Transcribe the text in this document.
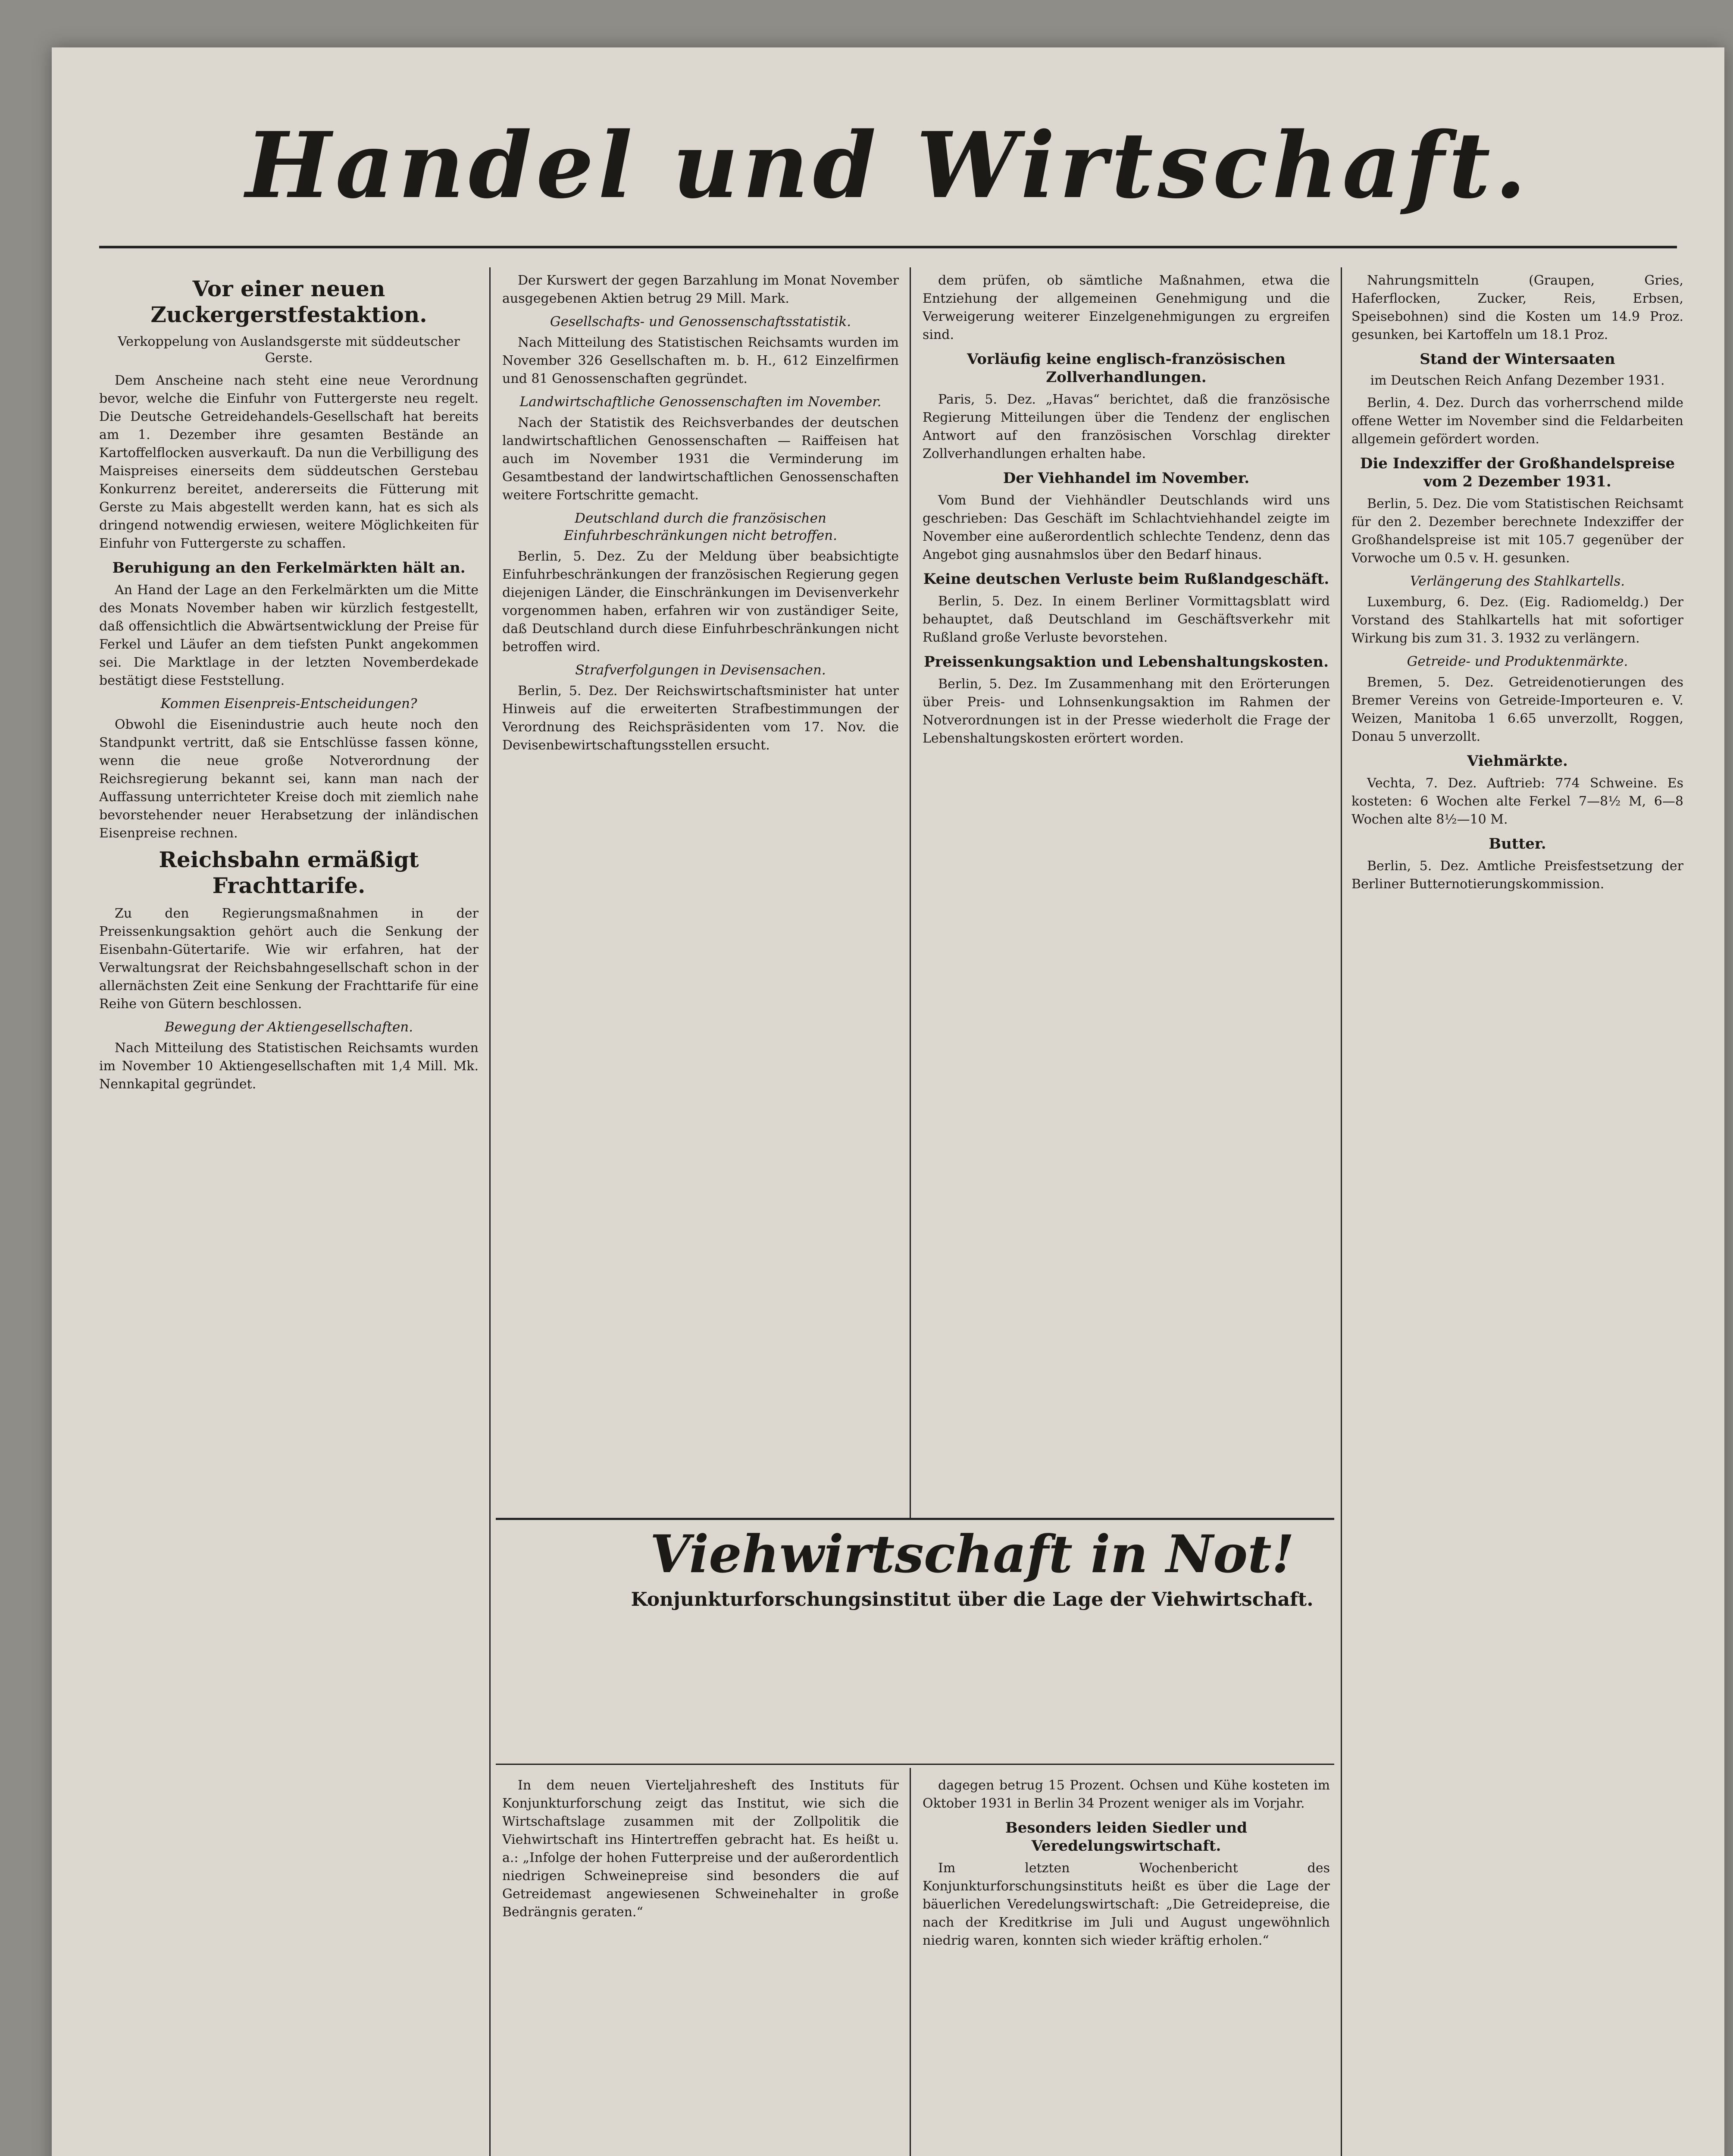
Handel und Wirtschaft.
Vor einer neuen Zuckergerstfestaktion.
Verkoppelung von Auslandsgerste mit süddeutscher Gerste.

Dem Anscheine nach steht eine neue Verordnung bevor, welche die Einfuhr von Futtergerste neu regelt. Die Deutsche Getreidehandels-Gesellschaft hat bereits am 1. Dezember ihre gesamten Bestände an Kartoffelflocken ausverkauft. Da nun die Verbilligung des Maispreises einerseits dem süddeutschen Gerstebau Konkurrenz bereitet, andererseits die Fütterung mit Gerste zu Mais abgestellt werden kann, hat es sich als dringend notwendig erwiesen, weitere Möglichkeiten für Einfuhr von Futtergerste zu schaffen.

Beruhigung an den Ferkelmärkten hält an.

An Hand der Lage an den Ferkelmärkten um die Mitte des Monats November haben wir kürzlich festgestellt, daß offensichtlich die Abwärtsentwicklung der Preise für Ferkel und Läufer an dem tiefsten Punkt angekommen sei. Die Marktlage in der letzten Novemberdekade bestätigt diese Feststellung.

Kommen Eisenpreis-Entscheidungen?

Obwohl die Eisenindustrie auch heute noch den Standpunkt vertritt, daß sie Entschlüsse fassen könne, wenn die neue große Notverordnung der Reichsregierung bekannt sei, kann man nach der Auffassung unterrichteter Kreise doch mit ziemlich nahe bevorstehender neuer Herabsetzung der inländischen Eisenpreise rechnen.

Reichsbahn ermäßigt Frachttarife.

Zu den Regierungsmaßnahmen in der Preissenkungsaktion gehört auch die Senkung der Eisenbahn-Gütertarife. Wie wir erfahren, hat der Verwaltungsrat der Reichsbahngesellschaft schon in der allernächsten Zeit eine Senkung der Frachttarife für eine Reihe von Gütern beschlossen.

Bewegung der Aktiengesellschaften.

Nach Mitteilung des Statistischen Reichsamts wurden im November 10 Aktiengesellschaften mit 1,4 Mill. Mk. Nennkapital gegründet.

Der Kurswert der gegen Barzahlung im Monat November ausgegebenen Aktien betrug 29 Mill. Mark.

Gesellschafts- und Genossenschaftsstatistik.

Nach Mitteilung des Statistischen Reichsamts wurden im November 326 Gesellschaften m. b. H., 612 Einzelfirmen und 81 Genossenschaften gegründet.

Landwirtschaftliche Genossenschaften im November.

Nach der Statistik des Reichsverbandes der deutschen landwirtschaftlichen Genossenschaften — Raiffeisen hat auch im November 1931 die Verminderung im Gesamtbestand der landwirtschaftlichen Genossenschaften weitere Fortschritte gemacht.

Deutschland durch die französischen Einfuhrbeschränkungen nicht betroffen.

Berlin, 5. Dez. Zu der Meldung über beabsichtigte Einfuhrbeschränkungen der französischen Regierung gegen diejenigen Länder, die Einschränkungen im Devisenverkehr vorgenommen haben, erfahren wir von zuständiger Seite, daß Deutschland durch diese Einfuhrbeschränkungen nicht betroffen wird.

Strafverfolgungen in Devisensachen.

Berlin, 5. Dez. Der Reichswirtschaftsminister hat unter Hinweis auf die erweiterten Strafbestimmungen der Verordnung des Reichspräsidenten vom 17. Nov. die Devisenbewirtschaftungsstellen ersucht.

dem prüfen, ob sämtliche Maßnahmen, etwa die Entziehung der allgemeinen Genehmigung und die Verweigerung weiterer Einzelgenehmigungen zu ergreifen sind.

Vorläufig keine englisch-französischen Zollverhandlungen.

Paris, 5. Dez. „Havas“ berichtet, daß die französische Regierung Mitteilungen über die Tendenz der englischen Antwort auf den französischen Vorschlag direkter Zollverhandlungen erhalten habe.

Der Viehhandel im November.

Vom Bund der Viehhändler Deutschlands wird uns geschrieben: Das Geschäft im Schlachtviehhandel zeigte im November eine außerordentlich schlechte Tendenz, denn das Angebot ging ausnahmslos über den Bedarf hinaus.

Keine deutschen Verluste beim Rußlandgeschäft.

Berlin, 5. Dez. In einem Berliner Vormittagsblatt wird behauptet, daß Deutschland im Geschäftsverkehr mit Rußland große Verluste bevorstehen.

Preissenkungsaktion und Lebenshaltungskosten.

Berlin, 5. Dez. Im Zusammenhang mit den Erörterungen über Preis- und Lohnsenkungsaktion im Rahmen der Notverordnungen ist in der Presse wiederholt die Frage der Lebenshaltungskosten erörtert worden.

Nahrungsmitteln (Graupen, Gries, Haferflocken, Zucker, Reis, Erbsen, Speisebohnen) sind die Kosten um 14.9 Proz. gesunken, bei Kartoffeln um 18.1 Proz.

Stand der Wintersaaten
im Deutschen Reich Anfang Dezember 1931.

Berlin, 4. Dez. Durch das vorherrschend milde offene Wetter im November sind die Feldarbeiten allgemein gefördert worden.

Die Indexziffer der Großhandelspreise vom 2 Dezember 1931.

Berlin, 5. Dez. Die vom Statistischen Reichsamt für den 2. Dezember berechnete Indexziffer der Großhandelspreise ist mit 105.7 gegenüber der Vorwoche um 0.5 v. H. gesunken.

Verlängerung des Stahlkartells.

Luxemburg, 6. Dez. (Eig. Radiomeldg.) Der Vorstand des Stahlkartells hat mit sofortiger Wirkung bis zum 31. 3. 1932 zu verlängern.

Getreide- und Produktenmärkte.

Bremen, 5. Dez. Getreidenotierungen des Bremer Vereins von Getreide-Importeuren e. V. Weizen, Manitoba 1 6.65 unverzollt, Roggen, Donau 5 unverzollt.

Viehmärkte.

Vechta, 7. Dez. Auftrieb: 774 Schweine. Es kosteten: 6 Wochen alte Ferkel 7—8½ M, 6—8 Wochen alte 8½—10 M.

Butter.

Berlin, 5. Dez. Amtliche Preisfestsetzung der Berliner Butternotierungskommission.

Viehwirtschaft in Not!
Konjunkturforschungsinstitut über die Lage der Viehwirtschaft.

In dem neuen Vierteljahresheft des Instituts für Konjunkturforschung zeigt das Institut, wie sich die Wirtschaftslage zusammen mit der Zollpolitik die Viehwirtschaft ins Hintertreffen gebracht hat. Es heißt u. a.: „Infolge der hohen Futterpreise und der außerordentlich niedrigen Schweinepreise sind besonders die auf Getreidemast angewiesenen Schweinehalter in große Bedrängnis geraten.“

dagegen betrug 15 Prozent. Ochsen und Kühe kosteten im Oktober 1931 in Berlin 34 Prozent weniger als im Vorjahr.

Besonders leiden Siedler und Veredelungswirtschaft.

Im letzten Wochenbericht des Konjunkturforschungsinstituts heißt es über die Lage der bäuerlichen Veredelungswirtschaft: „Die Getreidepreise, die nach der Kreditkrise im Juli und August ungewöhnlich niedrig waren, konnten sich wieder kräftig erholen.“
